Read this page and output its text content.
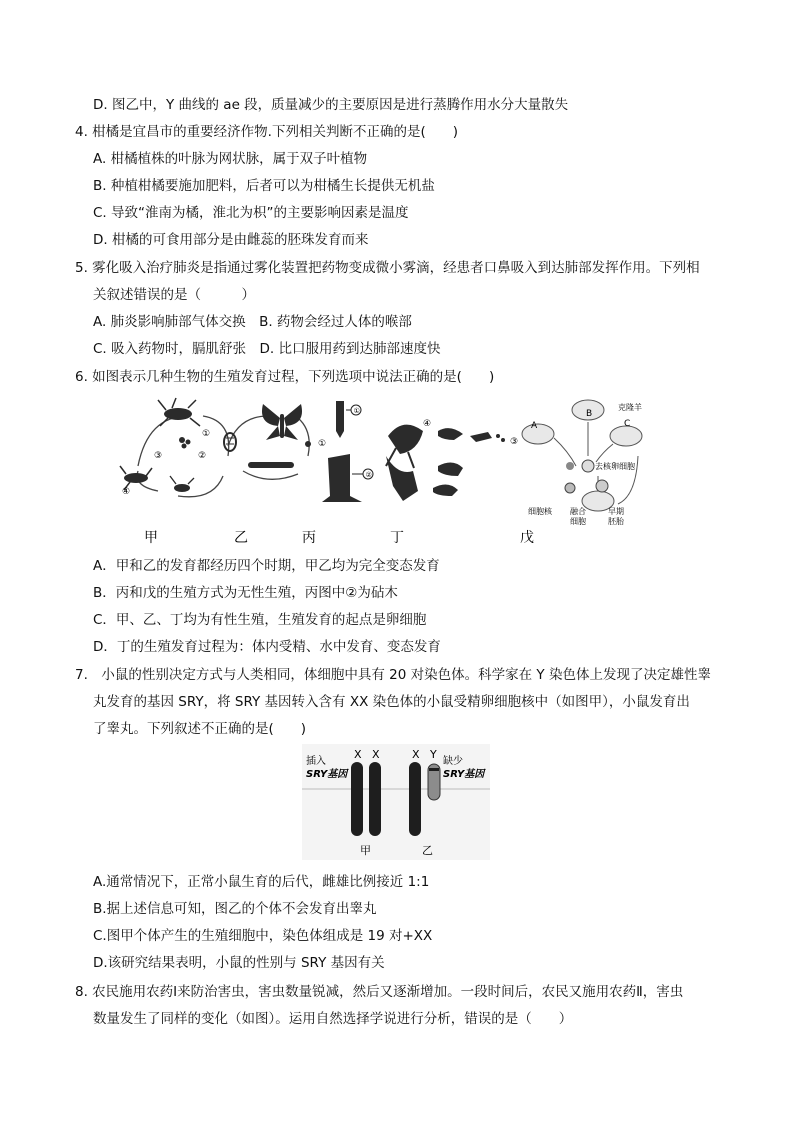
D. 图乙中，Y 曲线的 ae 段，质量减少的主要原因是进行蒸腾作用水分大量散失
4. 柑橘是宜昌市的重要经济作物.下列相关判断不正确的是(　　)
A. 柑橘植株的叶脉为网状脉，属于双子叶植物
B. 种植柑橘要施加肥料，后者可以为柑橘生长提供无机盐
C. 导致“淮南为橘，淮北为枳”的主要影响因素是温度
D. 柑橘的可食用部分是由雌蕊的胚珠发育而来
5. 雾化吸入治疗肺炎是指通过雾化装置把药物变成微小雾滴，经患者口鼻吸入到达肺部发挥作用。下列相
关叙述错误的是（　　　）
A. 肺炎影响肺部气体交换　B. 药物会经过人体的喉部
C. 吸入药物时，膈肌舒张　D. 比口服用药到达肺部速度快
6. 如图表示几种生物的生殖发育过程，下列选项中说法正确的是(　　)
①
②
③
④
①
①
②
④
③
A
B
C
克隆羊
去核卵细胞
细胞核 融合
细胞
早期
胚胎
甲	乙	丙	丁	戊
A．甲和乙的发育都经历四个时期，甲乙均为完全变态发育
B．丙和戊的生殖方式为无性生殖，丙图中②为砧木
C．甲、乙、丁均为有性生殖，生殖发育的起点是卵细胞
D．丁的生殖发育过程为：体内受精、水中发育、变态发育
7.　小鼠的性别决定方式与人类相同，体细胞中具有 20 对染色体。科学家在 Y 染色体上发现了决定雄性睾
丸发育的基因 SRY，将 SRY 基因转入含有 XX 染色体的小鼠受精卵细胞核中（如图甲），小鼠发育出
了睾丸。下列叙述不正确的是(　　)
插入
SRY基因
X X	X Y
缺少
SRY基因
甲	乙
A.通常情况下，正常小鼠生育的后代，雌雄比例接近 1:1
B.据上述信息可知，图乙的个体不会发育出睾丸
C.图甲个体产生的生殖细胞中，染色体组成是 19 对+XX
D.该研究结果表明，小鼠的性别与 SRY 基因有关
8. 农民施用农药Ⅰ来防治害虫，害虫数量锐减，然后又逐渐增加。一段时间后，农民又施用农药Ⅱ，害虫
数量发生了同样的变化（如图）。运用自然选择学说进行分析，错误的是（　　）
